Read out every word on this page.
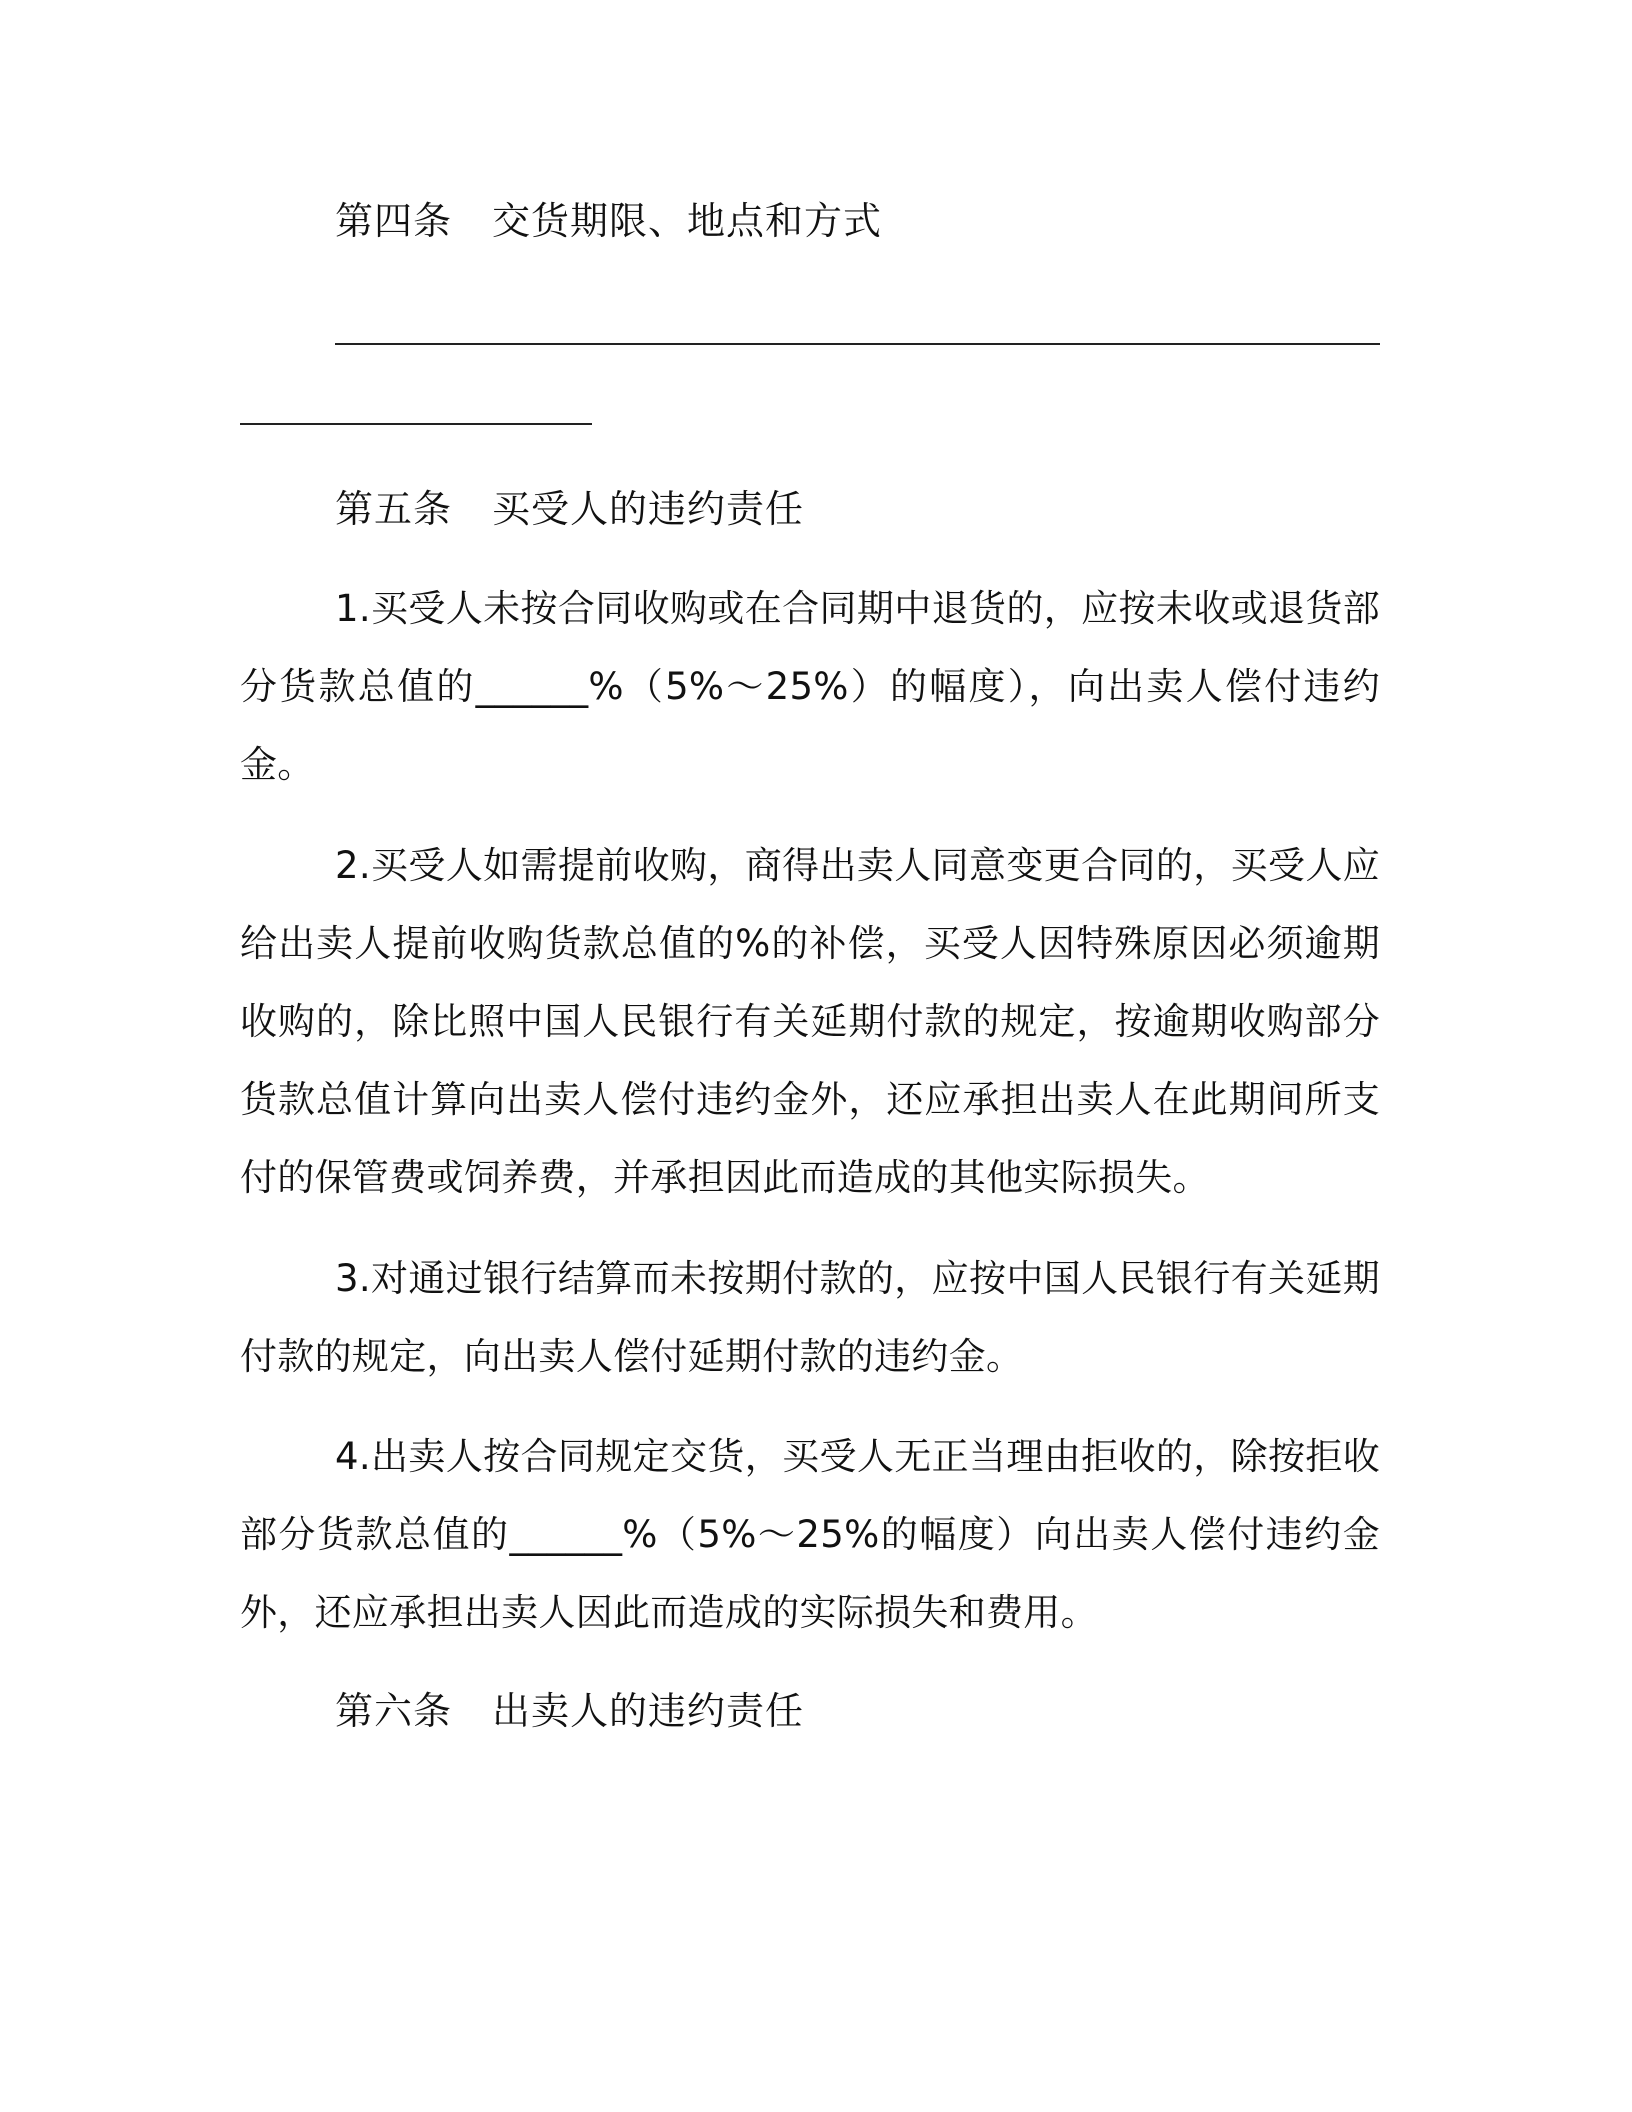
第四条 交货期限、地点和方式
第五条 买受人的违约责任
1.买受人未按合同收购或在合同期中退货的，应按未收或退货部分货款总值的______%（5%～25%）的幅度），向出卖人偿付违约金。
2.买受人如需提前收购，商得出卖人同意变更合同的，买受人应给出卖人提前收购货款总值的%的补偿，买受人因特殊原因必须逾期收购的，除比照中国人民银行有关延期付款的规定，按逾期收购部分货款总值计算向出卖人偿付违约金外，还应承担出卖人在此期间所支付的保管费或饲养费，并承担因此而造成的其他实际损失。
3.对通过银行结算而未按期付款的，应按中国人民银行有关延期付款的规定，向出卖人偿付延期付款的违约金。
4.出卖人按合同规定交货，买受人无正当理由拒收的，除按拒收部分货款总值的______%（5%～25%的幅度）向出卖人偿付违约金外，还应承担出卖人因此而造成的实际损失和费用。
第六条 出卖人的违约责任
